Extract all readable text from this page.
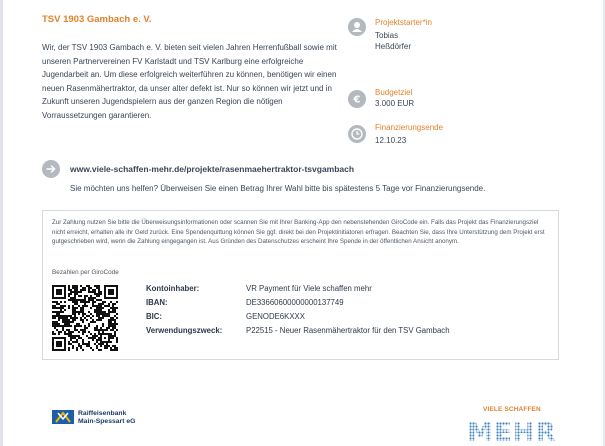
TSV 1903 Gambach e. V.
Wir, der TSV 1903 Gambach e. V. bieten seit vielen Jahren Herrenfußball sowie mit unseren Partnervereinen FV Karlstadt und TSV Karlburg eine erfolgreiche Jugendarbeit an. Um diese erfolgreich weiterführen zu können, benötigen wir einen neuen Rasenmähertraktor, da unser alter defekt ist. Nur so können wir jetzt und in Zukunft unseren Jugendspielern aus der ganzen Region die nötigen Vorraussetzungen garantieren.
Projektstarter*in
Tobias
Heßdörfer
€
Budgetziel
3.000 EUR
Finanzierungsende
12.10.23
www.viele-schaffen-mehr.de/projekte/rasenmaehertraktor-tsvgambach
Sie möchten uns helfen? Überweisen Sie einen Betrag Ihrer Wahl bitte bis spätestens 5 Tage vor Finanzierungsende.
Zur Zahlung nutzen Sie bitte die Überweisungsinformationen oder scannen Sie mit Ihrer Banking-App den nebenstehenden GiroCode ein. Falls das Projekt das Finanzierungsziel nicht erreicht, erhalten alle ihr Geld zurück. Eine Spendenquittung können Sie ggf. direkt bei den Projektinitiatoren erfragen. Beachten Sie, dass Ihre Unterstützung dem Projekt erst gutgeschrieben wird, wenn die Zahlung eingegangen ist. Aus Gründen des Datenschutzes erscheint Ihre Spende in der öffentlichen Ansicht anonym.
Bezahlen per GiroCode
Kontoinhaber:	VR Payment für Viele schaffen mehr
IBAN:	DE33660600000000137749
BIC:	GENODE6KXXX
Verwendungszweck:	P22515 - Neuer Rasenmähertraktor für den TSV Gambach
Raiffeisenbank
Main-Spessart eG
VIELE SCHAFFEN
MEHR
